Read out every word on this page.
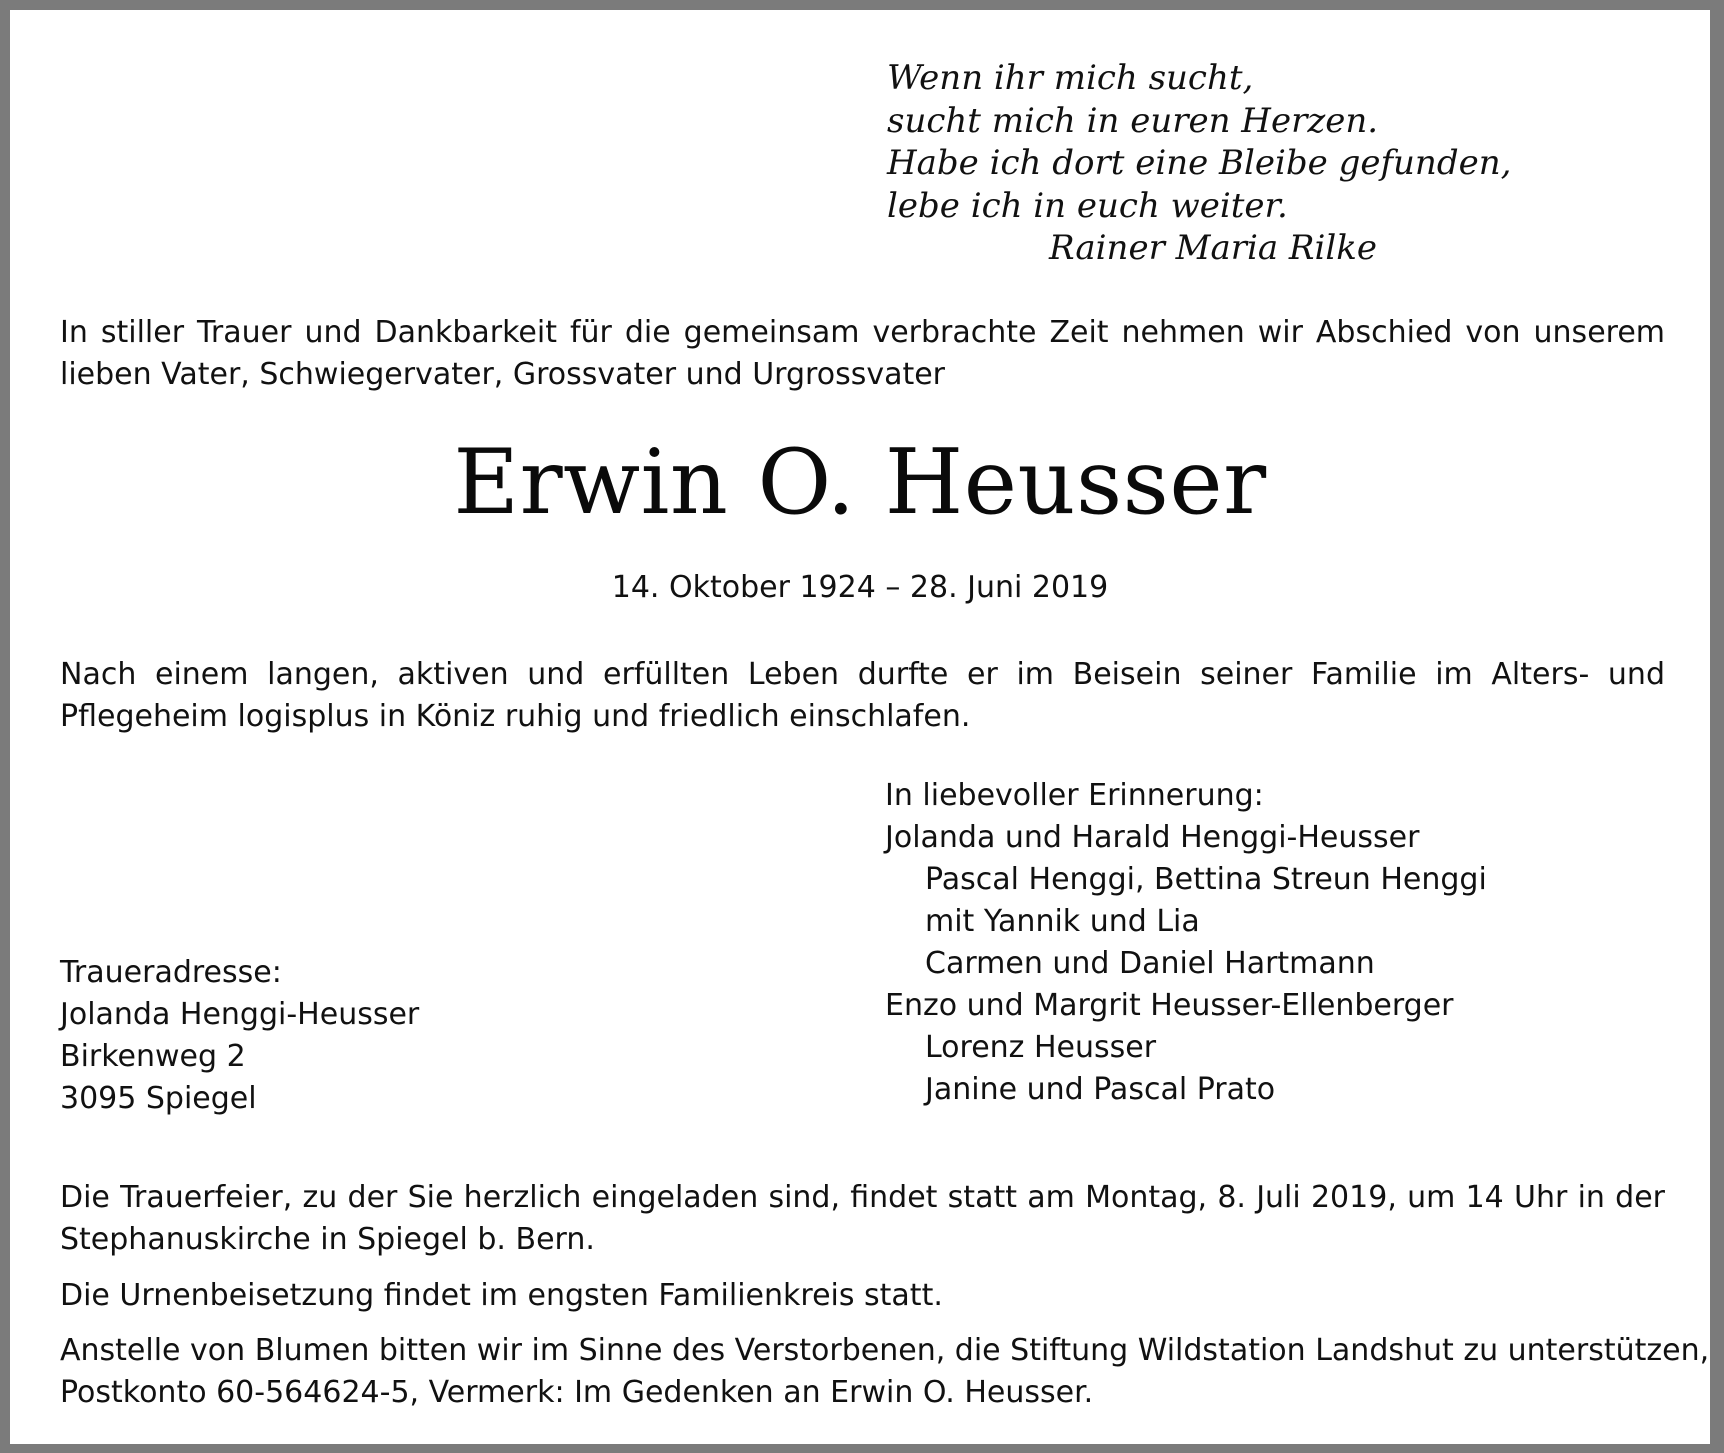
Wenn ihr mich sucht,
sucht mich in euren Herzen.
Habe ich dort eine Bleibe gefunden,
lebe ich in euch weiter.
Rainer Maria Rilke
In stiller Trauer und Dankbarkeit für die gemeinsam verbrachte Zeit nehmen wir Abschied von unserem lieben Vater, Schwiegervater, Grossvater und Urgrossvater
Erwin O. Heusser
14. Oktober 1924 – 28. Juni 2019
Nach einem langen, aktiven und erfüllten Leben durfte er im Beisein seiner Familie im Alters- und Pflegeheim logisplus in Köniz ruhig und friedlich einschlafen.
In liebevoller Erinnerung:
Jolanda und Harald Henggi-Heusser
Pascal Henggi, Bettina Streun Henggi
mit Yannik und Lia
Carmen und Daniel Hartmann
Enzo und Margrit Heusser-Ellenberger
Lorenz Heusser
Janine und Pascal Prato
Traueradresse:
Jolanda Henggi-Heusser
Birkenweg 2
3095 Spiegel
Die Trauerfeier, zu der Sie herzlich eingeladen sind, findet statt am Montag, 8. Juli 2019, um 14 Uhr in der Stephanuskirche in Spiegel b. Bern.
Die Urnenbeisetzung findet im engsten Familienkreis statt.
Anstelle von Blumen bitten wir im Sinne des Verstorbenen, die Stiftung Wildstation Landshut zu unterstützen,
Postkonto 60-564624-5, Vermerk: Im Gedenken an Erwin O. Heusser.
